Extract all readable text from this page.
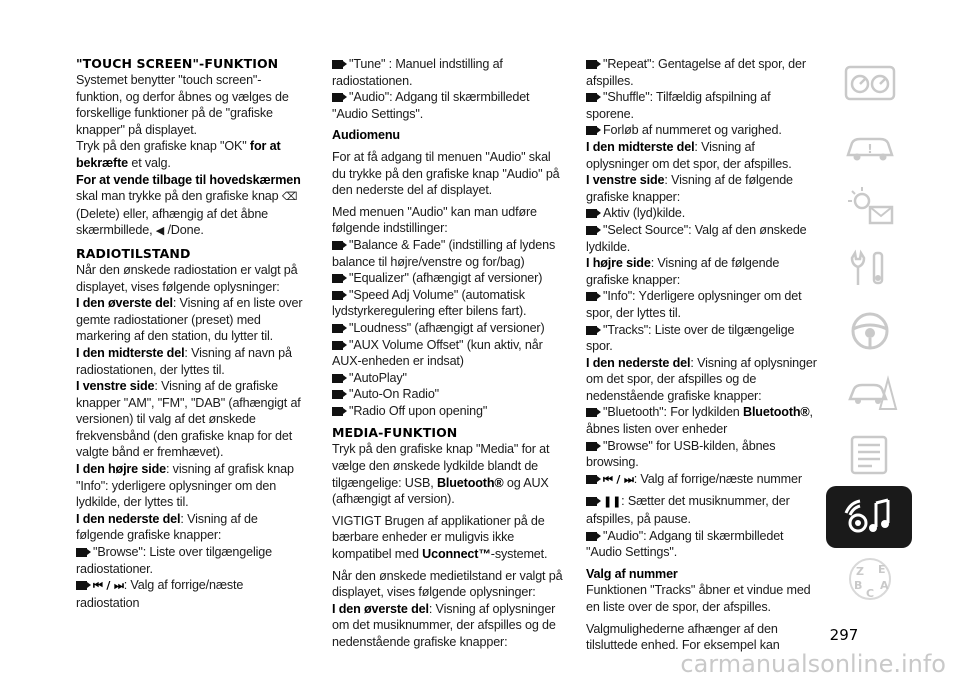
"TOUCH SCREEN"-FUNKTION

Systemet benytter "touch screen"-funktion, og derfor åbnes og vælges de forskellige funktioner på de "grafiske knapper" på displayet.

Tryk på den grafiske knap "OK" for at bekræfte et valg.

For at vende tilbage til hovedskærmen skal man trykke på den grafiske knap ⌫ (Delete) eller, afhængig af det åbne skærmbillede, ◀ /Done.

RADIOTILSTAND

Når den ønskede radiostation er valgt på displayet, vises følgende oplysninger:

I den øverste del: Visning af en liste over gemte radiostationer (preset) med markering af den station, du lytter til.

I den midterste del: Visning af navn på radiostationen, der lyttes til.

I venstre side: Visning af de grafiske knapper "AM", "FM", "DAB" (afhængigt af versionen) til valg af det ønskede frekvensbånd (den grafiske knap for det valgte bånd er fremhævet).

I den højre side: visning af grafisk knap "Info": yderligere oplysninger om den lydkilde, der lyttes til.

I den nederste del: Visning af de følgende grafiske knapper:

"Browse": Liste over tilgængelige radiostationer.

⏮ / ⏭: Valg af forrige/næste radiostation

"Tune" : Manuel indstilling af radiostationen.

"Audio": Adgang til skærmbilledet "Audio Settings".

Audiomenu

For at få adgang til menuen "Audio" skal du trykke på den grafiske knap "Audio" på den nederste del af displayet.

Med menuen "Audio" kan man udføre følgende indstillinger:

"Balance & Fade" (indstilling af lydens balance til højre/venstre og for/bag)

"Equalizer" (afhængigt af versioner)

"Speed Adj Volume" (automatisk lydstyrkeregulering efter bilens fart).

"Loudness" (afhængigt af versioner)

"AUX Volume Offset" (kun aktiv, når AUX-enheden er indsat)

"AutoPlay"

"Auto-On Radio"

"Radio Off upon opening"

MEDIA-FUNKTION

Tryk på den grafiske knap "Media" for at vælge den ønskede lydkilde blandt de tilgængelige: USB, Bluetooth® og AUX (afhængigt af version).

VIGTIGT Brugen af applikationer på de bærbare enheder er muligvis ikke kompatibel med Uconnect™-systemet.

Når den ønskede medietilstand er valgt på displayet, vises følgende oplysninger:

I den øverste del: Visning af oplysninger om det musiknummer, der afspilles og de nedenstående grafiske knapper:

"Repeat": Gentagelse af det spor, der afspilles.

"Shuffle": Tilfældig afspilning af sporene.

Forløb af nummeret og varighed.

I den midterste del: Visning af oplysninger om det spor, der afspilles.

I venstre side: Visning af de følgende grafiske knapper:

Aktiv (lyd)kilde.

"Select Source": Valg af den ønskede lydkilde.

I højre side: Visning af de følgende grafiske knapper:

"Info": Yderligere oplysninger om det spor, der lyttes til.

"Tracks": Liste over de tilgængelige spor.

I den nederste del: Visning af oplysninger om det spor, der afspilles og de nedenstående grafiske knapper:

"Bluetooth": For lydkilden Bluetooth®, åbnes listen over enheder

"Browse" for USB-kilden, åbnes browsing.

⏮ / ⏭: Valg af forrige/næste nummer

❚❚: Sætter det musiknummer, der afspilles, på pause.

"Audio": Adgang til skærmbilledet "Audio Settings".

Valg af nummer

Funktionen "Tracks" åbner et vindue med en liste over de spor, der afspilles.

Valgmulighederne afhænger af den tilsluttede enhed. For eksempel kan

!
Z E
B A
C
297
carmanualsonline.info
